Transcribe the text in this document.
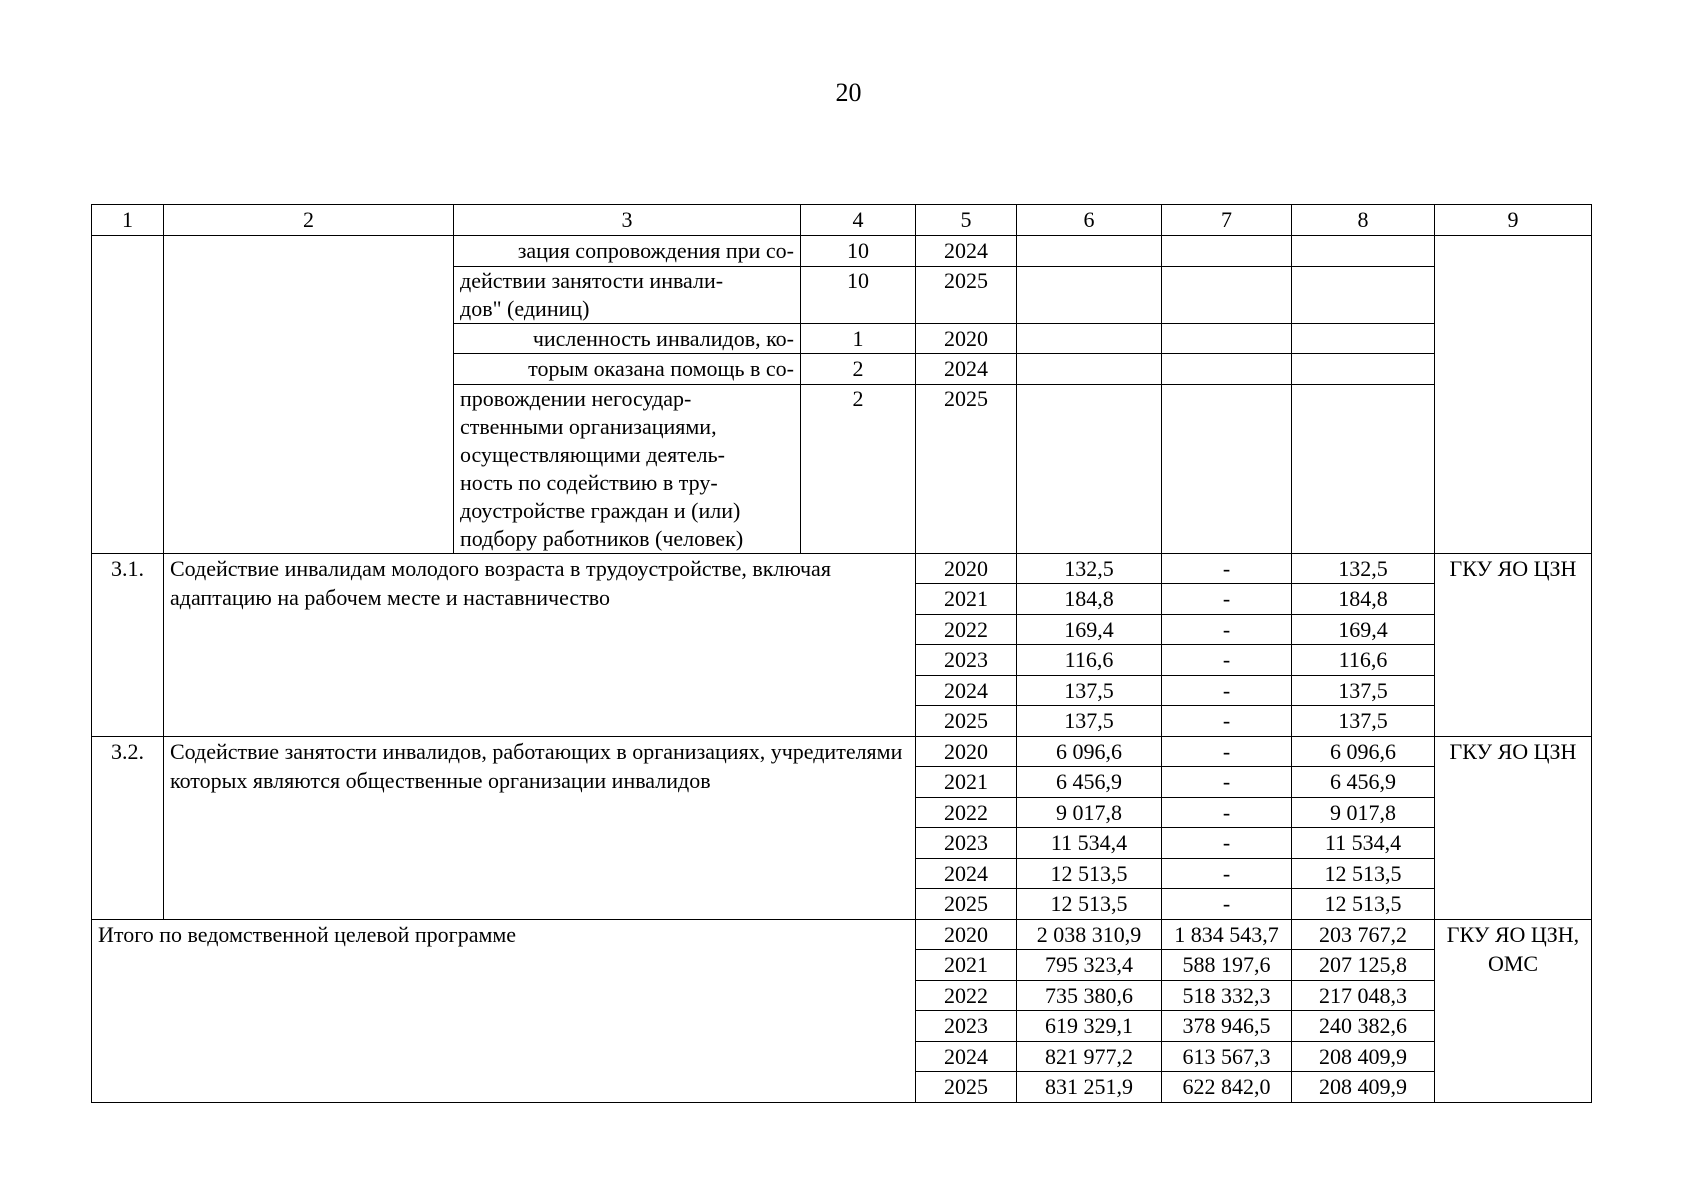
20
1	2	3	4	5	6	7	8	9
		зация сопровождения при со-	10	2024				
		действии занятости инвали-
дов" (единиц)	10	2025				
		численность инвалидов, ко-	1	2020				
		торым оказана помощь в со-	2	2024				
		провождении негосудар-ственными организациями, осуществляющими деятель-ность по содействию в тру-доустройстве граждан и (или) подбору работников (человек)	2	2025				
3.1.	Содействие инвалидам молодого возраста в трудоустройстве, включая адаптацию на рабочем месте и наставничество			2020	132,5	-	132,5	ГКУ ЯО ЦЗН
				2021	184,8	-	184,8	
				2022	169,4	-	169,4	
				2023	116,6	-	116,6	
				2024	137,5	-	137,5	
				2025	137,5	-	137,5	
3.2.	Содействие занятости инвалидов, работающих в организациях, учредителями которых являются общественные организации инвалидов			2020	6 096,6	-	6 096,6	ГКУ ЯО ЦЗН
				2021	6 456,9	-	6 456,9	
				2022	9 017,8	-	9 017,8	
				2023	11 534,4	-	11 534,4	
				2024	12 513,5	-	12 513,5	
				2025	12 513,5	-	12 513,5	
Итого по ведомственной целевой программе				2020	2 038 310,9	1 834 543,7	203 767,2	ГКУ ЯО ЦЗН, ОМС
				2021	795 323,4	588 197,6	207 125,8	
				2022	735 380,6	518 332,3	217 048,3	
				2023	619 329,1	378 946,5	240 382,6	
				2024	821 977,2	613 567,3	208 409,9	
				2025	831 251,9	622 842,0	208 409,9	
